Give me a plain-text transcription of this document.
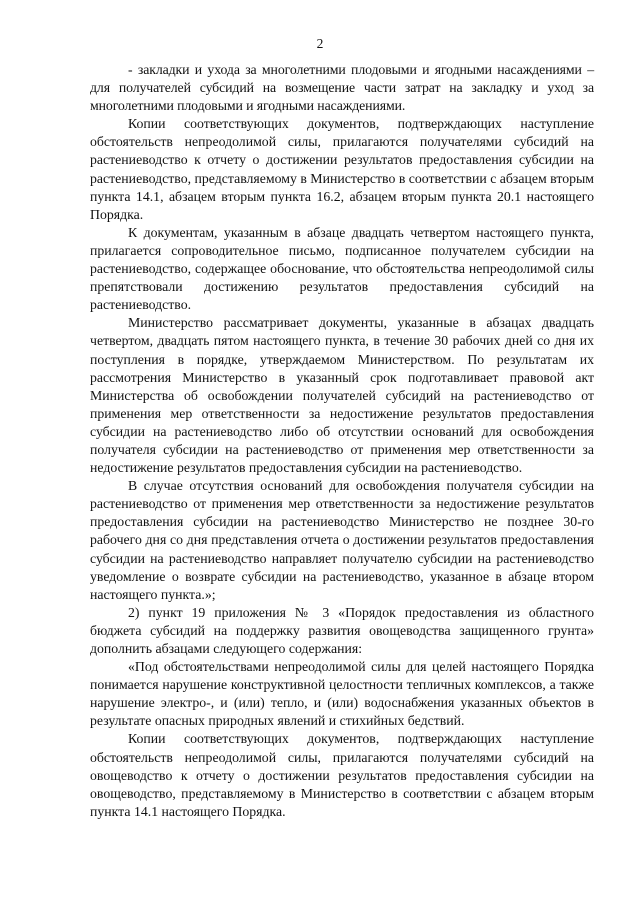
2

- закладки и ухода за многолетними плодовыми и ягодными насаждениями – для получателей субсидий на возмещение части затрат на закладку и уход за многолетними плодовыми и ягодными насаждениями.

Копии соответствующих документов, подтверждающих наступление обстоятельств непреодолимой силы, прилагаются получателями субсидий на растениеводство к отчету о достижении результатов предоставления субсидии на растениеводство, представляемому в Министерство в соответствии с абзацем вторым пункта 14.1, абзацем вторым пункта 16.2, абзацем вторым пункта 20.1 настоящего Порядка.

К документам, указанным в абзаце двадцать четвертом настоящего пункта, прилагается сопроводительное письмо, подписанное получателем субсидии на растениеводство, содержащее обоснование, что обстоятельства непреодолимой силы препятствовали достижению результатов предоставления субсидий на растениеводство.

Министерство рассматривает документы, указанные в абзацах двадцать четвертом, двадцать пятом настоящего пункта, в течение 30 рабочих дней со дня их поступления в порядке, утверждаемом Министерством. По результатам их рассмотрения Министерство в указанный срок подготавливает правовой акт Министерства об освобождении получателей субсидий на растениеводство от применения мер ответственности за недостижение результатов предоставления субсидии на растениеводство либо об отсутствии оснований для освобождения получателя субсидии на растениеводство от применения мер ответственности за недостижение результатов предоставления субсидии на растениеводство.

В случае отсутствия оснований для освобождения получателя субсидии на растениеводство от применения мер ответственности за недостижение результатов предоставления субсидии на растениеводство Министерство не позднее 30-го рабочего дня со дня представления отчета о достижении результатов предоставления субсидии на растениеводство направляет получателю субсидии на растениеводство уведомление о возврате субсидии на растениеводство, указанное в абзаце втором настоящего пункта.»;

2) пункт 19 приложения № 3 «Порядок предоставления из областного бюджета субсидий на поддержку развития овощеводства защищенного грунта» дополнить абзацами следующего содержания:

«Под обстоятельствами непреодолимой силы для целей настоящего Порядка понимается нарушение конструктивной целостности тепличных комплексов, а также нарушение электро-, и (или) тепло, и (или) водоснабжения указанных объектов в результате опасных природных явлений и стихийных бедствий.

Копии соответствующих документов, подтверждающих наступление обстоятельств непреодолимой силы, прилагаются получателями субсидий на овощеводство к отчету о достижении результатов предоставления субсидии на овощеводство, представляемому в Министерство в соответствии с абзацем вторым пункта 14.1 настоящего Порядка.
